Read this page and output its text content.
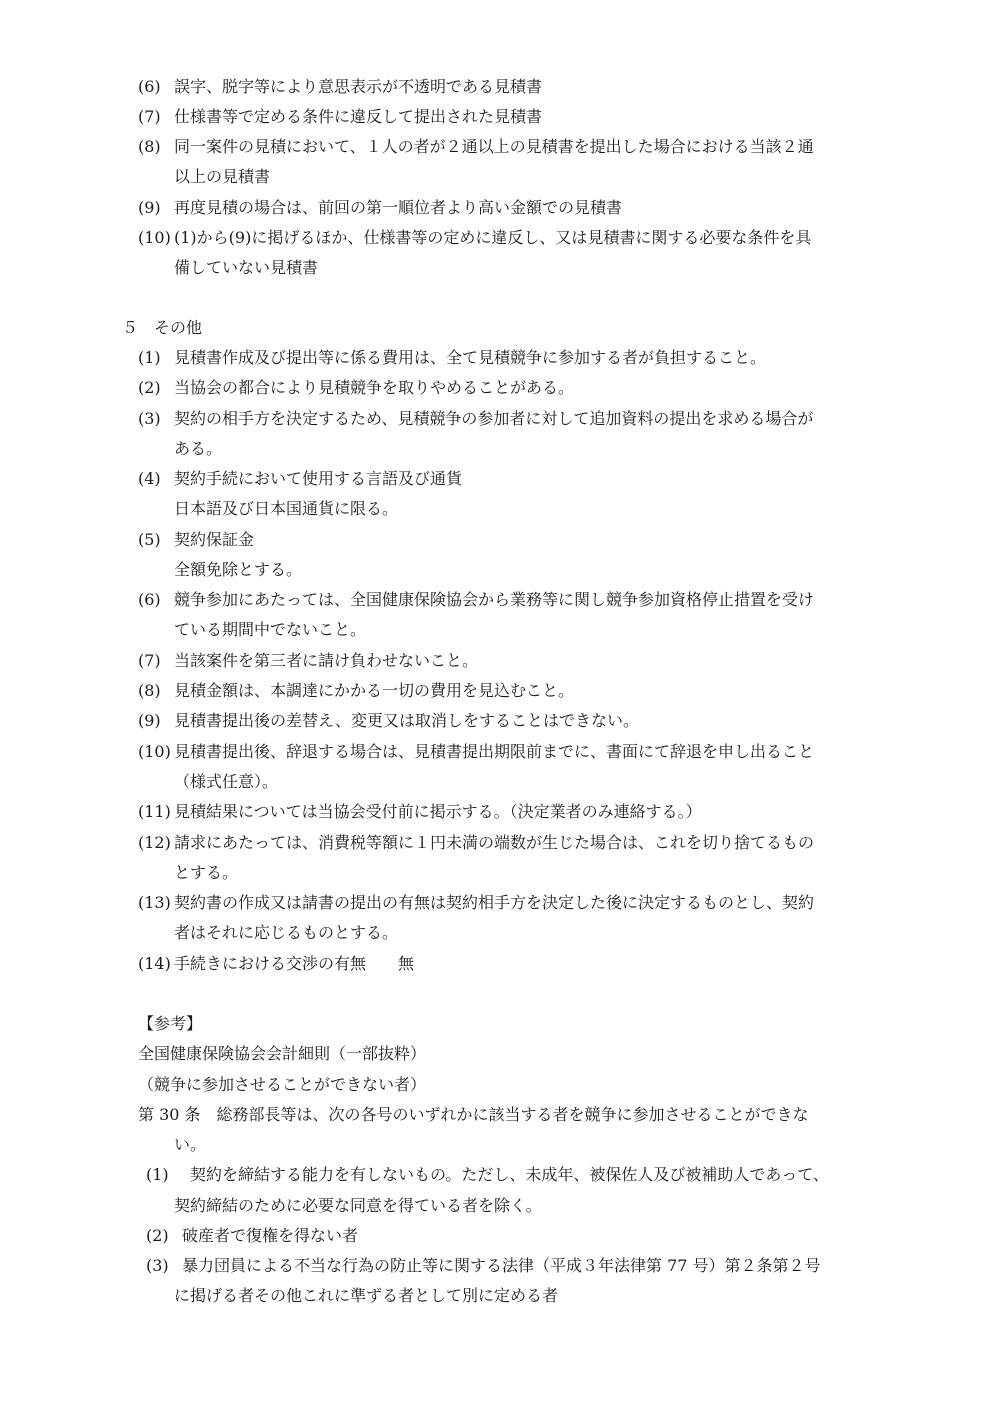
(6) 誤字、脱字等により意思表示が不透明である見積書
(7) 仕様書等で定める条件に違反して提出された見積書
(8) 同一案件の見積において、１人の者が２通以上の見積書を提出した場合における当該２通
以上の見積書
(9) 再度見積の場合は、前回の第一順位者より高い金額での見積書
(10) (1)から(9)に掲げるほか、仕様書等の定めに違反し、又は見積書に関する必要な条件を具
備していない見積書
５　その他
(1) 見積書作成及び提出等に係る費用は、全て見積競争に参加する者が負担すること。
(2) 当協会の都合により見積競争を取りやめることがある。
(3) 契約の相手方を決定するため、見積競争の参加者に対して追加資料の提出を求める場合が
ある。
(4) 契約手続において使用する言語及び通貨
日本語及び日本国通貨に限る。
(5) 契約保証金
全額免除とする。
(6) 競争参加にあたっては、全国健康保険協会から業務等に関し競争参加資格停止措置を受け
ている期間中でないこと。
(7) 当該案件を第三者に請け負わせないこと。
(8) 見積金額は、本調達にかかる一切の費用を見込むこと。
(9) 見積書提出後の差替え、変更又は取消しをすることはできない。
(10) 見積書提出後、辞退する場合は、見積書提出期限前までに、書面にて辞退を申し出ること
（様式任意）。
(11) 見積結果については当協会受付前に掲示する。（決定業者のみ連絡する。）
(12) 請求にあたっては、消費税等額に１円未満の端数が生じた場合は、これを切り捨てるもの
とする。
(13) 契約書の作成又は請書の提出の有無は契約相手方を決定した後に決定するものとし、契約
者はそれに応じるものとする。
(14) 手続きにおける交渉の有無　　無
【参考】
全国健康保険協会会計細則（一部抜粋）
（競争に参加させることができない者）
第 30 条　総務部長等は、次の各号のいずれかに該当する者を競争に参加させることができな
い。
(1) 　契約を締結する能力を有しないもの。ただし、未成年、被保佐人及び被補助人であって、
契約締結のために必要な同意を得ている者を除く。
(2) 破産者で復権を得ない者
(3) 暴力団員による不当な行為の防止等に関する法律（平成３年法律第 77 号）第２条第２号
に掲げる者その他これに準ずる者として別に定める者
